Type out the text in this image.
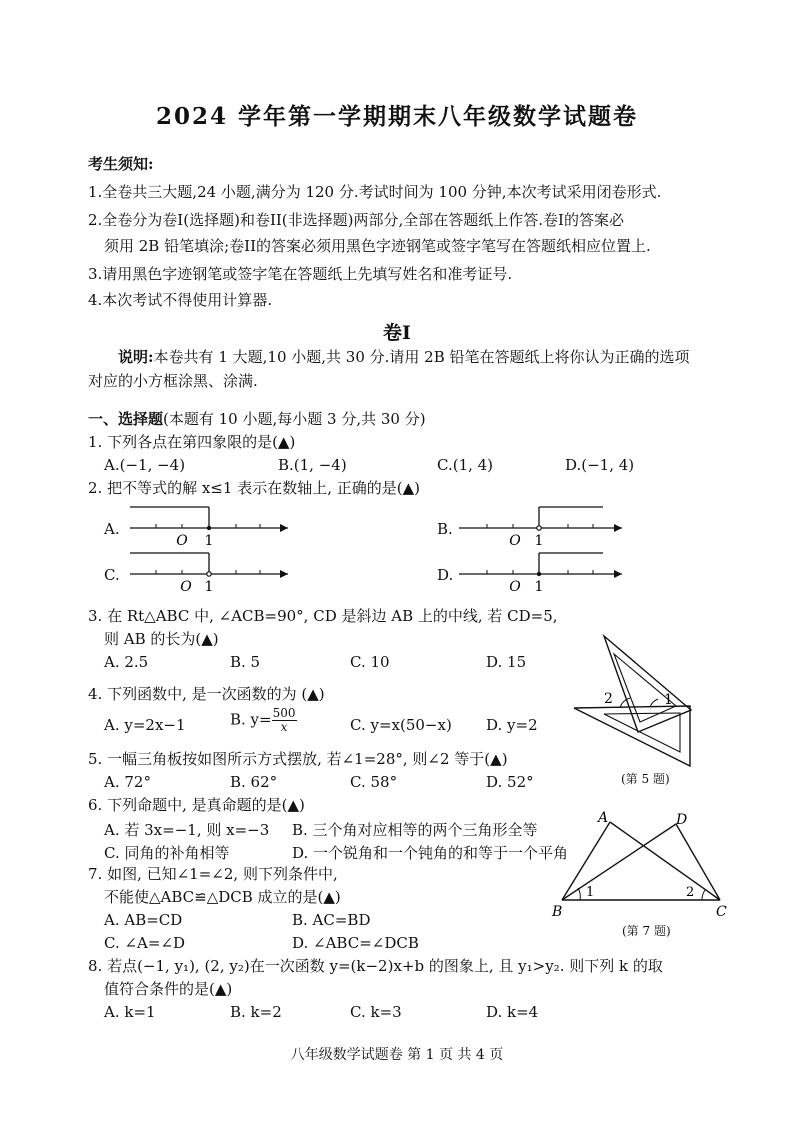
2024 学年第一学期期末八年级数学试题卷
考生须知:
1.全卷共三大题,24 小题,满分为 120 分.考试时间为 100 分钟,本次考试采用闭卷形式.
2.全卷分为卷I(选择题)和卷II(非选择题)两部分,全部在答题纸上作答.卷I的答案必
须用 2B 铅笔填涂;卷II的答案必须用黑色字迹钢笔或签字笔写在答题纸相应位置上.
3.请用黑色字迹钢笔或签字笔在答题纸上先填写姓名和准考证号.
4.本次考试不得使用计算器.
卷I
说明:本卷共有 1 大题,10 小题,共 30 分.请用 2B 铅笔在答题纸上将你认为正确的选项
对应的小方框涂黑、涂满.
一、选择题(本题有 10 小题,每小题 3 分,共 30 分)
1. 下列各点在第四象限的是(▲)
A.(−1, −4)	B.(1, −4)	C.(1, 4)	D.(−1, 4)
2. 把不等式的解 x≤1 表示在数轴上, 正确的是(▲)
A.
O 1
B.
O 1
C.
O 1
D.
O 1
3. 在 Rt△ABC 中, ∠ACB=90°, CD 是斜边 AB 上的中线, 若 CD=5,
则 AB 的长为(▲)
A. 2.5	B. 5	C. 10	D. 15
2	1
(第 5 题)
4. 下列函数中, 是一次函数的为 (▲)
A. y=2x−1	B. $y= \frac{500}{x}$	C. y=x(50−x) D. y=2
5. 一幅三角板按如图所示方式摆放, 若∠1=28°, 则∠2 等于(▲)
A. 72°	B. 62°	C. 58°	D. 52°
6. 下列命题中, 是真命题的是(▲)
A. 若 3x=−1, 则 x=−3 B. 三个角对应相等的两个三角形全等
C. 同角的补角相等	D. 一个锐角和一个钝角的和等于一个平角
A	D
B	C
1	2
(第 7 题)
7. 如图, 已知∠1=∠2, 则下列条件中,
不能使△ABC≌△DCB 成立的是(▲)
A. AB=CD	B. AC=BD
C. ∠A=∠D	D. ∠ABC=∠DCB
8. 若点(−1, y₁), (2, y₂)在一次函数 y=(k−2)x+b 的图象上, 且 y₁>y₂. 则下列 k 的取
值符合条件的是(▲)
A. k=1	B. k=2	C. k=3	D. k=4
八年级数学试题卷 第 1 页 共 4 页
